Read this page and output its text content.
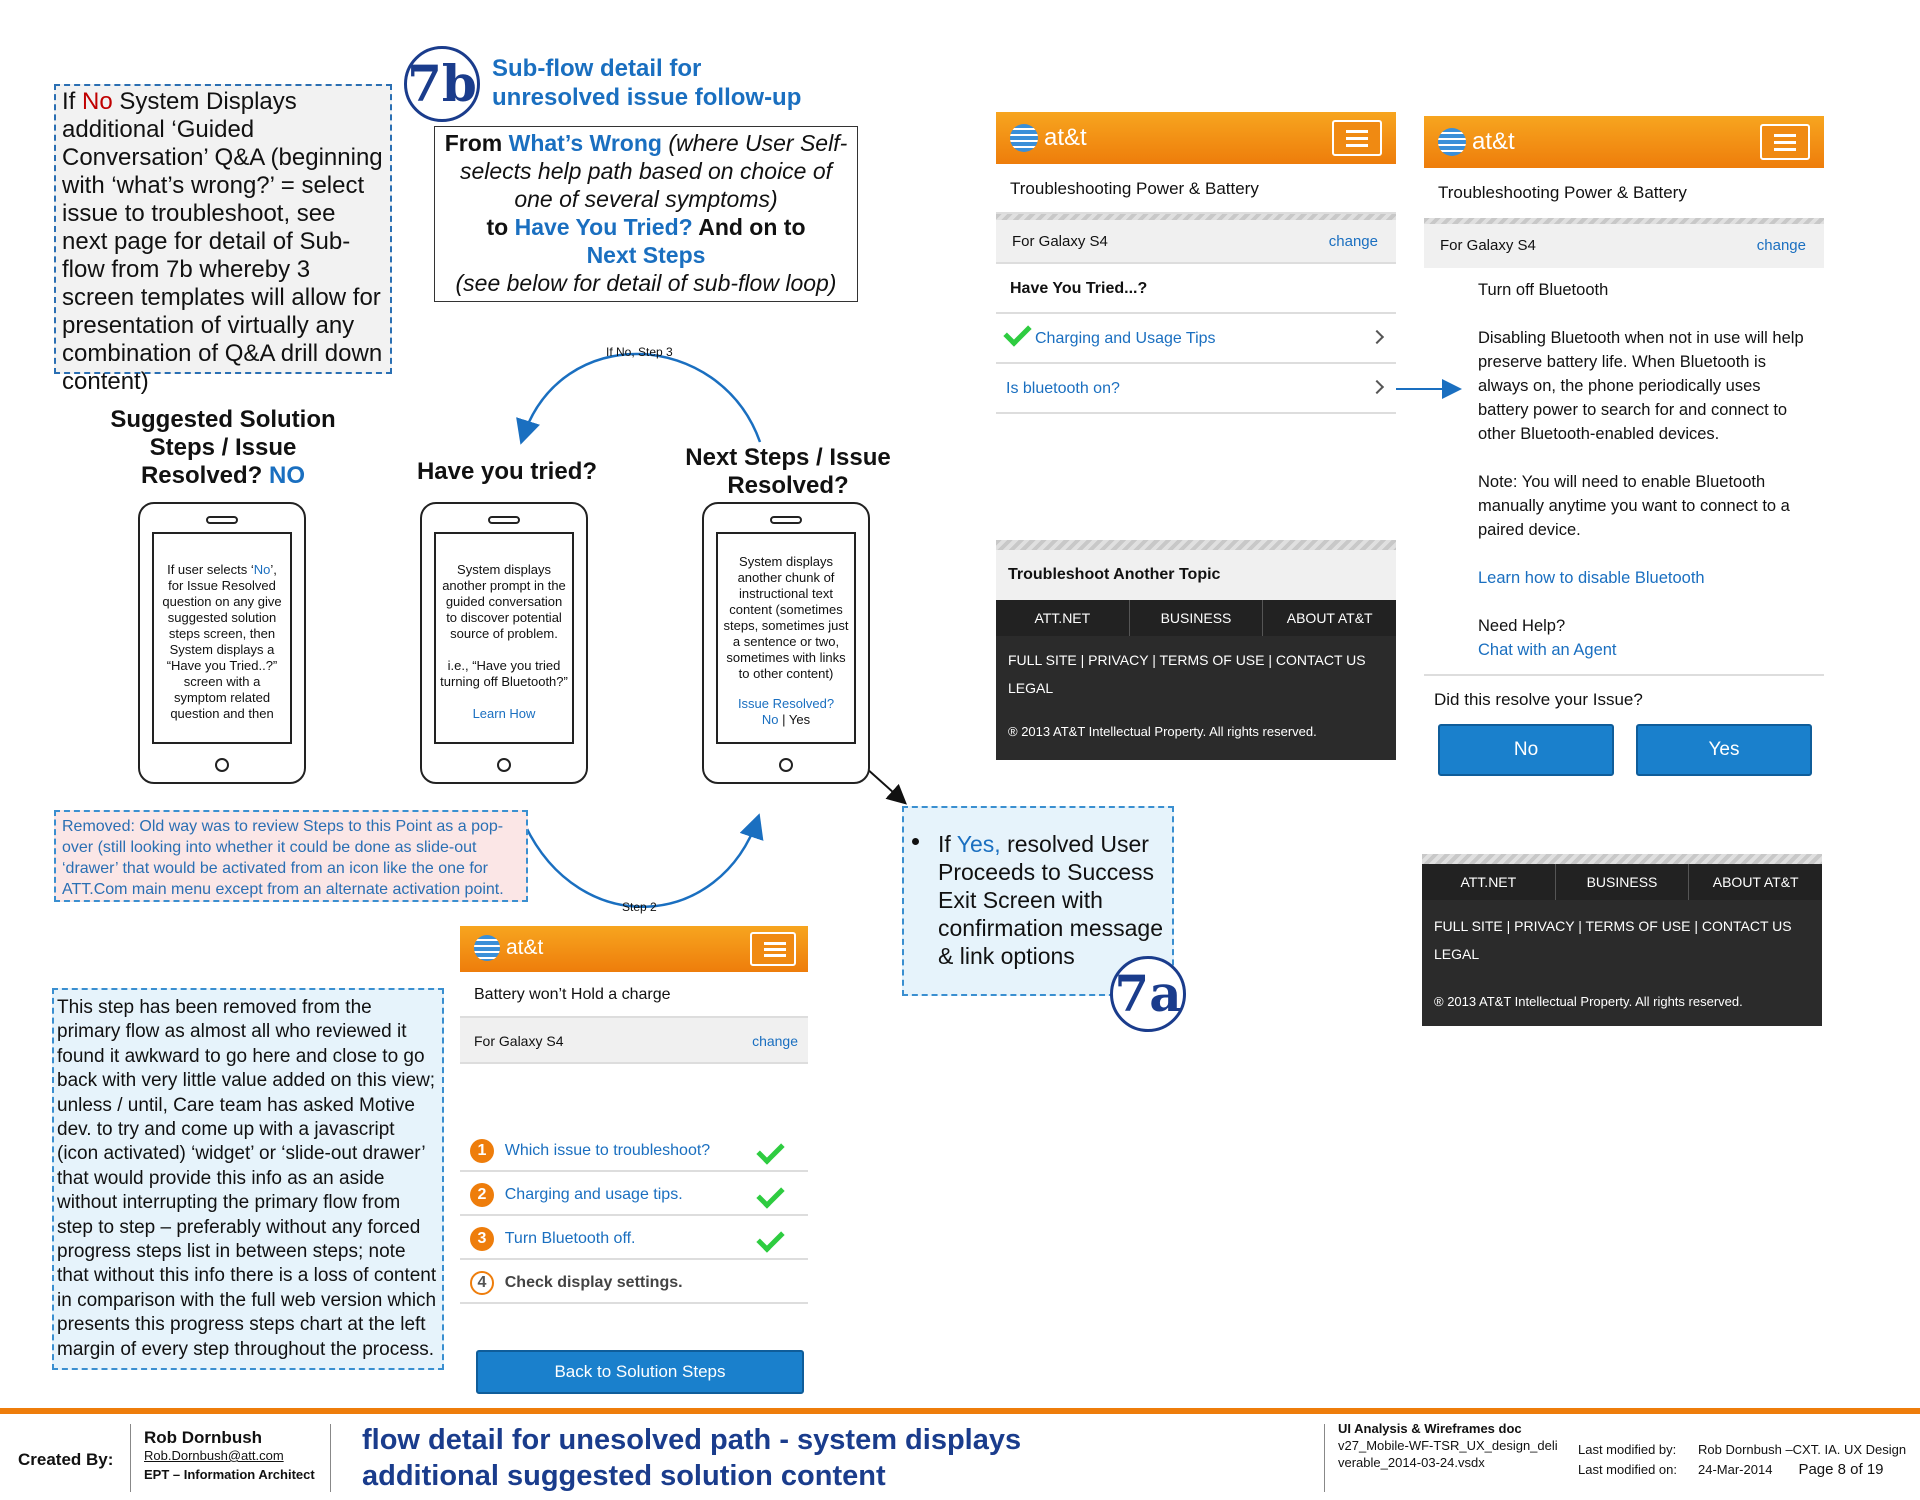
If No System Displays additional ‘Guided Conversation’ Q&A (beginning with ‘what’s wrong?’ = select issue to troubleshoot, see next page for detail of Sub-flow from 7b whereby 3 screen templates will allow for presentation of virtually any combination of Q&A drill down content)
7b Sub-flow detail for
unresolved issue follow-up
From What’s Wrong (where User Self-selects help path based on choice of one of several symptoms)
to Have You Tried? And on to
Next Steps
(see below for detail of sub-flow loop)
If No, Step 3
Step 2
Suggested Solution
Steps / Issue
Resolved? NO
If user selects ‘No’, for Issue Resolved question on any give suggested solution steps screen, then System displays a “Have you Tried..?” screen with a symptom related question and then
Have you tried?
System displays another prompt in the guided conversation to discover potential source of problem.
i.e., “Have you tried turning off Bluetooth?”
Learn How
Next Steps / Issue
Resolved?
System displays another chunk of instructional text content (sometimes steps, sometimes just a sentence or two, sometimes with links to other content)
Issue Resolved?
No | Yes
Removed: Old way was to review Steps to this Point as a pop-over (still looking into whether it could be done as slide-out ‘drawer’ that would be activated from an icon like the one for ATT.Com main menu except from an alternate activation point.
This step has been removed from the primary flow as almost all who reviewed it found it awkward to go here and close to go back with very little value added on this view; unless / until, Care team has asked Motive dev. to try and come up with a javascript (icon activated) ‘widget’ or ‘slide-out drawer’ that would provide this info as an aside without interrupting the primary flow from step to step – preferably without any forced progress steps list in between steps; note that without this info there is a loss of content in comparison with the full web version which presents this progress steps chart at the left margin of every step throughout the process.
If Yes, resolved User Proceeds to Success Exit Screen with confirmation message & link options
7a
at&t
Battery won’t Hold a charge
For Galaxy S4	change
1 Which issue to troubleshoot?
2 Charging and usage tips.
3 Turn Bluetooth off.
4 Check display settings.
Back to Solution Steps
at&t
Troubleshooting Power & Battery
For Galaxy S4	change
Have You Tried...?
Charging and Usage Tips
Is bluetooth on?
Troubleshoot Another Topic
ATT.NET	BUSINESS	ABOUT AT&T
FULL SITE | PRIVACY | TERMS OF USE | CONTACT US
LEGAL
® 2013 AT&T Intellectual Property. All rights reserved.
at&t
Troubleshooting Power & Battery
For Galaxy S4	change
Turn off Bluetooth
Disabling Bluetooth when not in use will help preserve battery life. When Bluetooth is always on, the phone periodically uses battery power to search for and connect to other Bluetooth-enabled devices.
Note: You will need to enable Bluetooth manually anytime you want to connect to a paired device.
Learn how to disable Bluetooth
Need Help?
Chat with an Agent
Did this resolve your Issue?
No	Yes
ATT.NET	BUSINESS	ABOUT AT&T
FULL SITE | PRIVACY | TERMS OF USE | CONTACT US
LEGAL
® 2013 AT&T Intellectual Property. All rights reserved.
Created By:
Rob Dornbush
Rob.Dornbush@att.com
EPT – Information Architect
flow detail for unesolved path - system displays
additional suggested solution content
UI Analysis & Wireframes doc
v27_Mobile-WF-TSR_UX_design_deliverable_2014-03-24.vsdx
Last modified by: Rob Dornbush –CXT. IA. UX Design
Last modified on: 24-Mar-2014 Page 8 of 19
